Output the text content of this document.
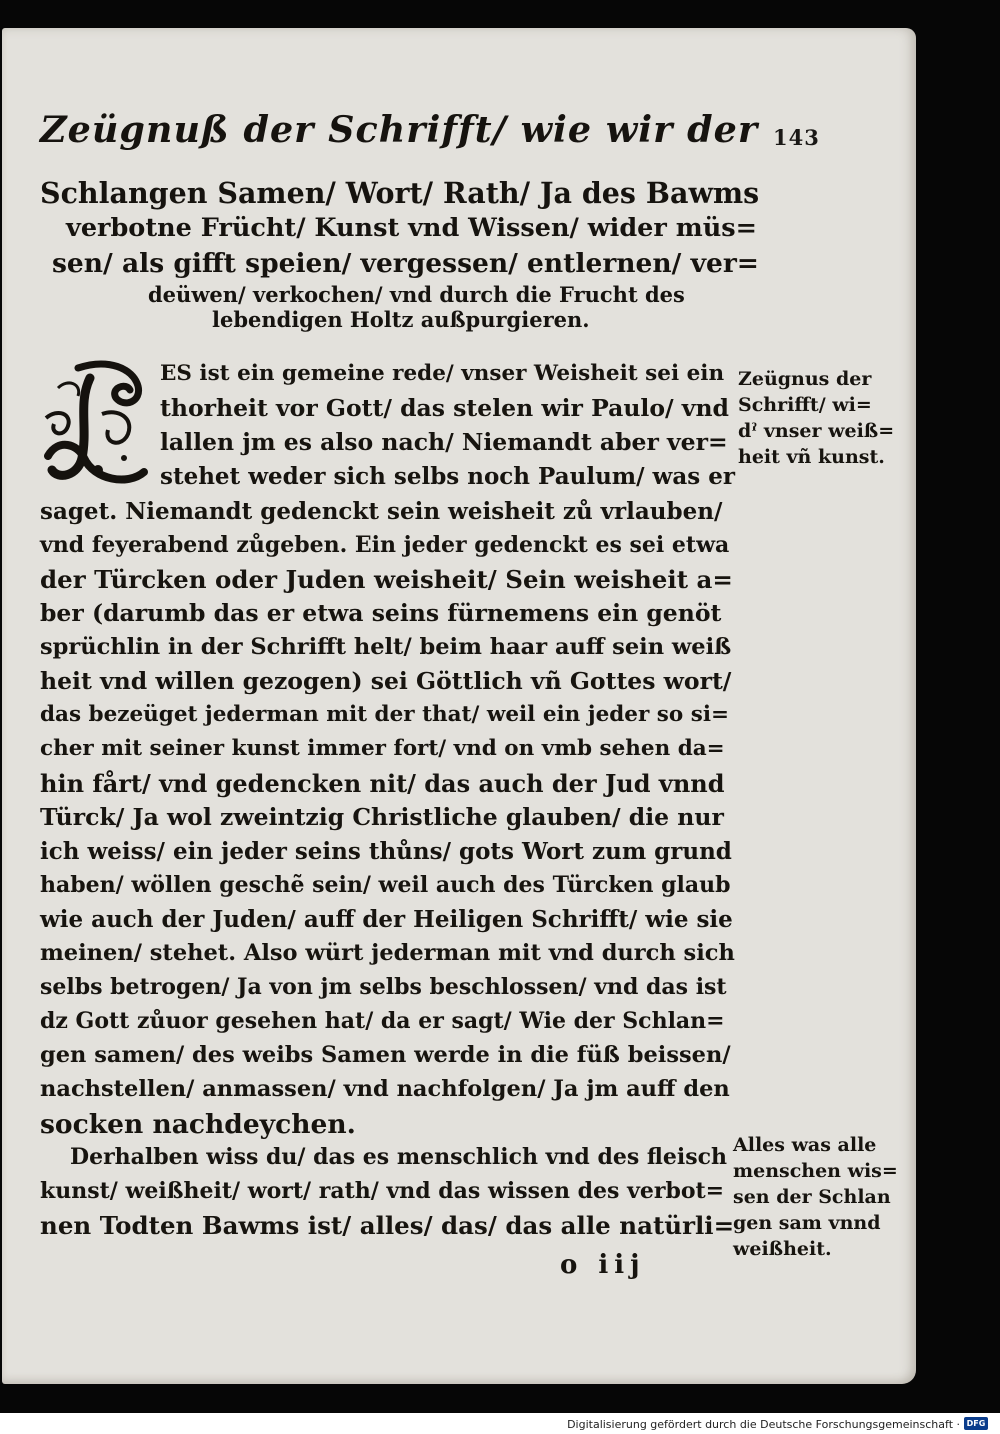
143
Zeügnuß der Schrifft/ wie wir der
Schlangen Samen/ Wort/ Rath/ Ja des Bawms
verbotne Frücht/ Kunst vnd Wissen/ wider müs=
sen/ als gifft speien/ vergessen/ entlernen/ ver=
deüwen/ verkochen/ vnd durch die Frucht des
lebendigen Holtz außpurgieren.
ES ist ein gemeine rede/ vnser Weisheit sei ein
thorheit vor Gott/ das stelen wir Paulo/ vnd
lallen jm es also nach/ Niemandt aber ver=
stehet weder sich selbs noch Paulum/ was er
saget. Niemandt gedenckt sein weisheit zů vrlauben/
vnd feyerabend zůgeben. Ein jeder gedenckt es sei etwa
der Türcken oder Juden weisheit/ Sein weisheit a=
ber (darumb das er etwa seins fürnemens ein genöt
sprüchlin in der Schrifft helt/ beim haar auff sein weiß
heit vnd willen gezogen) sei Göttlich vñ Gottes wort/
das bezeüget jederman mit der that/ weil ein jeder so si=
cher mit seiner kunst immer fort/ vnd on vmb sehen da=
hin fårt/ vnd gedencken nit/ das auch der Jud vnnd
Türck/ Ja wol zweintzig Christliche glauben/ die nur
ich weiss/ ein jeder seins thůns/ gots Wort zum grund
haben/ wöllen geschẽ sein/ weil auch des Türcken glaub
wie auch der Juden/ auff der Heiligen Schrifft/ wie sie
meinen/ stehet. Also würt jederman mit vnd durch sich
selbs betrogen/ Ja von jm selbs beschlossen/ vnd das ist
dz Gott zůuor gesehen hat/ da er sagt/ Wie der Schlan=
gen samen/ des weibs Samen werde in die füß beissen/
nachstellen/ anmassen/ vnd nachfolgen/ Ja jm auff den
socken nachdeychen.
Derhalben wiss du/ das es menschlich vnd des fleisch
kunst/ weißheit/ wort/ rath/ vnd das wissen des verbot=
nen Todten Bawms ist/ alles/ das/ das alle natürli=
Zeügnus der
Schrifft/ wi=
dˀ vnser weiß=
heit vñ kunst.
Alles was alle
menschen wis=
sen der Schlan
gen sam vnnd
weißheit.
o iij
Digitalisierung gefördert durch die Deutsche Forschungsgemeinschaft · DFG
